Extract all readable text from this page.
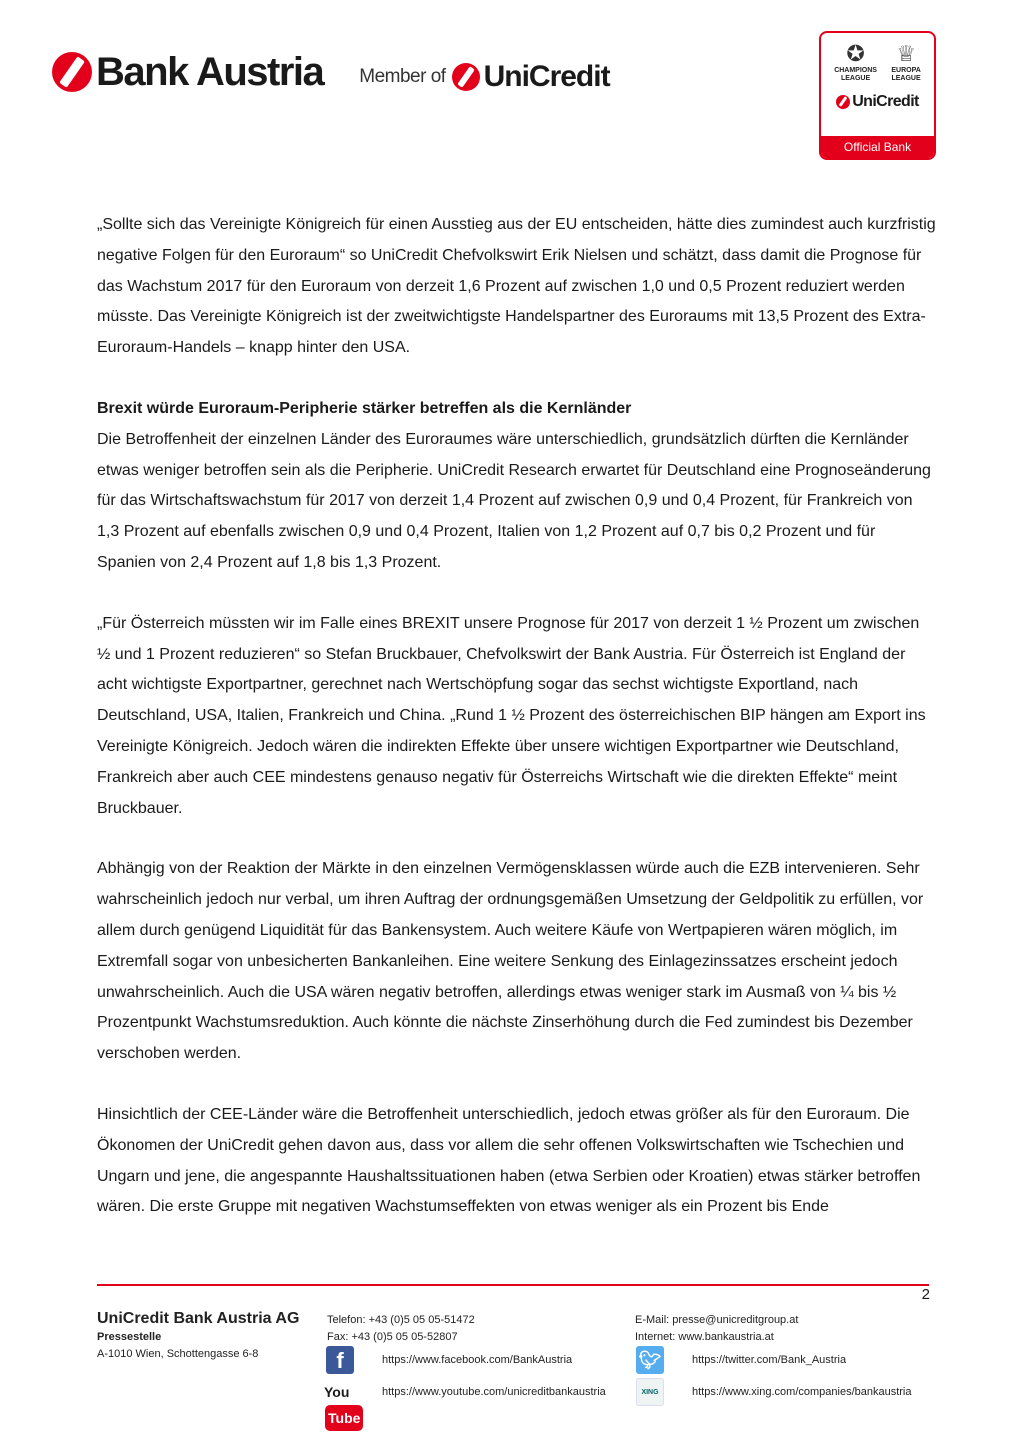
Bank Austria Member of UniCredit
✪
CHAMPIONS
LEAGUE
♕
EUROPA
LEAGUE
UniCredit
Official Bank

„Sollte sich das Vereinigte Königreich für einen Ausstieg aus der EU entscheiden, hätte dies zumindest auch kurzfristig negative Folgen für den Euroraum“ so UniCredit Chefvolkswirt Erik Nielsen und schätzt, dass damit die Prognose für das Wachstum 2017 für den Euroraum von derzeit 1,6 Prozent auf zwischen 1,0 und 0,5 Prozent reduziert werden müsste. Das Vereinigte Königreich ist der zweitwichtigste Handelspartner des Euroraums mit 13,5 Prozent des Extra-Euroraum-Handels – knapp hinter den USA.

Brexit würde Euroraum-Peripherie stärker betreffen als die Kernländer

Die Betroffenheit der einzelnen Länder des Euroraumes wäre unterschiedlich, grundsätzlich dürften die Kernländer etwas weniger betroffen sein als die Peripherie. UniCredit Research erwartet für Deutschland eine Prognoseänderung für das Wirtschaftswachstum für 2017 von derzeit 1,4 Prozent auf zwischen 0,9 und 0,4 Prozent, für Frankreich von 1,3 Prozent auf ebenfalls zwischen 0,9 und 0,4 Prozent, Italien von 1,2 Prozent auf 0,7 bis 0,2 Prozent und für Spanien von 2,4 Prozent auf 1,8 bis 1,3 Prozent.

„Für Österreich müssten wir im Falle eines BREXIT unsere Prognose für 2017 von derzeit 1 ½ Prozent um zwischen ½ und 1 Prozent reduzieren“ so Stefan Bruckbauer, Chefvolkswirt der Bank Austria. Für Österreich ist England der acht wichtigste Exportpartner, gerechnet nach Wertschöpfung sogar das sechst wichtigste Exportland, nach Deutschland, USA, Italien, Frankreich und China. „Rund 1 ½ Prozent des österreichischen BIP hängen am Export ins Vereinigte Königreich. Jedoch wären die indirekten Effekte über unsere wichtigen Exportpartner wie Deutschland, Frankreich aber auch CEE mindestens genauso negativ für Österreichs Wirtschaft wie die direkten Effekte“ meint Bruckbauer.

Abhängig von der Reaktion der Märkte in den einzelnen Vermögensklassen würde auch die EZB intervenieren. Sehr wahrscheinlich jedoch nur verbal, um ihren Auftrag der ordnungsgemäßen Umsetzung der Geldpolitik zu erfüllen, vor allem durch genügend Liquidität für das Bankensystem. Auch weitere Käufe von Wertpapieren wären möglich, im Extremfall sogar von unbesicherten Bankanleihen. Eine weitere Senkung des Einlagezinssatzes erscheint jedoch unwahrscheinlich. Auch die USA wären negativ betroffen, allerdings etwas weniger stark im Ausmaß von ¼ bis ½ Prozentpunkt Wachstumsreduktion. Auch könnte die nächste Zinserhöhung durch die Fed zumindest bis Dezember verschoben werden.

Hinsichtlich der CEE-Länder wäre die Betroffenheit unterschiedlich, jedoch etwas größer als für den Euroraum. Die Ökonomen der UniCredit gehen davon aus, dass vor allem die sehr offenen Volkswirtschaften wie Tschechien und Ungarn und jene, die angespannte Haushaltssituationen haben (etwa Serbien oder Kroatien) etwas stärker betroffen wären. Die erste Gruppe mit negativen Wachstumseffekten von etwas weniger als ein Prozent bis Ende

2
UniCredit Bank Austria AG
Pressestelle
A-1010 Wien, Schottengasse 6-8
Telefon: +43 (0)5 05 05-51472
Fax: +43 (0)5 05 05-52807
E-Mail: presse@unicreditgroup.at
Internet: www.bankaustria.at
f	https://www.facebook.com/BankAustria
YouTube
https://www.youtube.com/unicreditbankaustria
🐦︎	https://twitter.com/Bank_Austria
XING	https://www.xing.com/companies/bankaustria
